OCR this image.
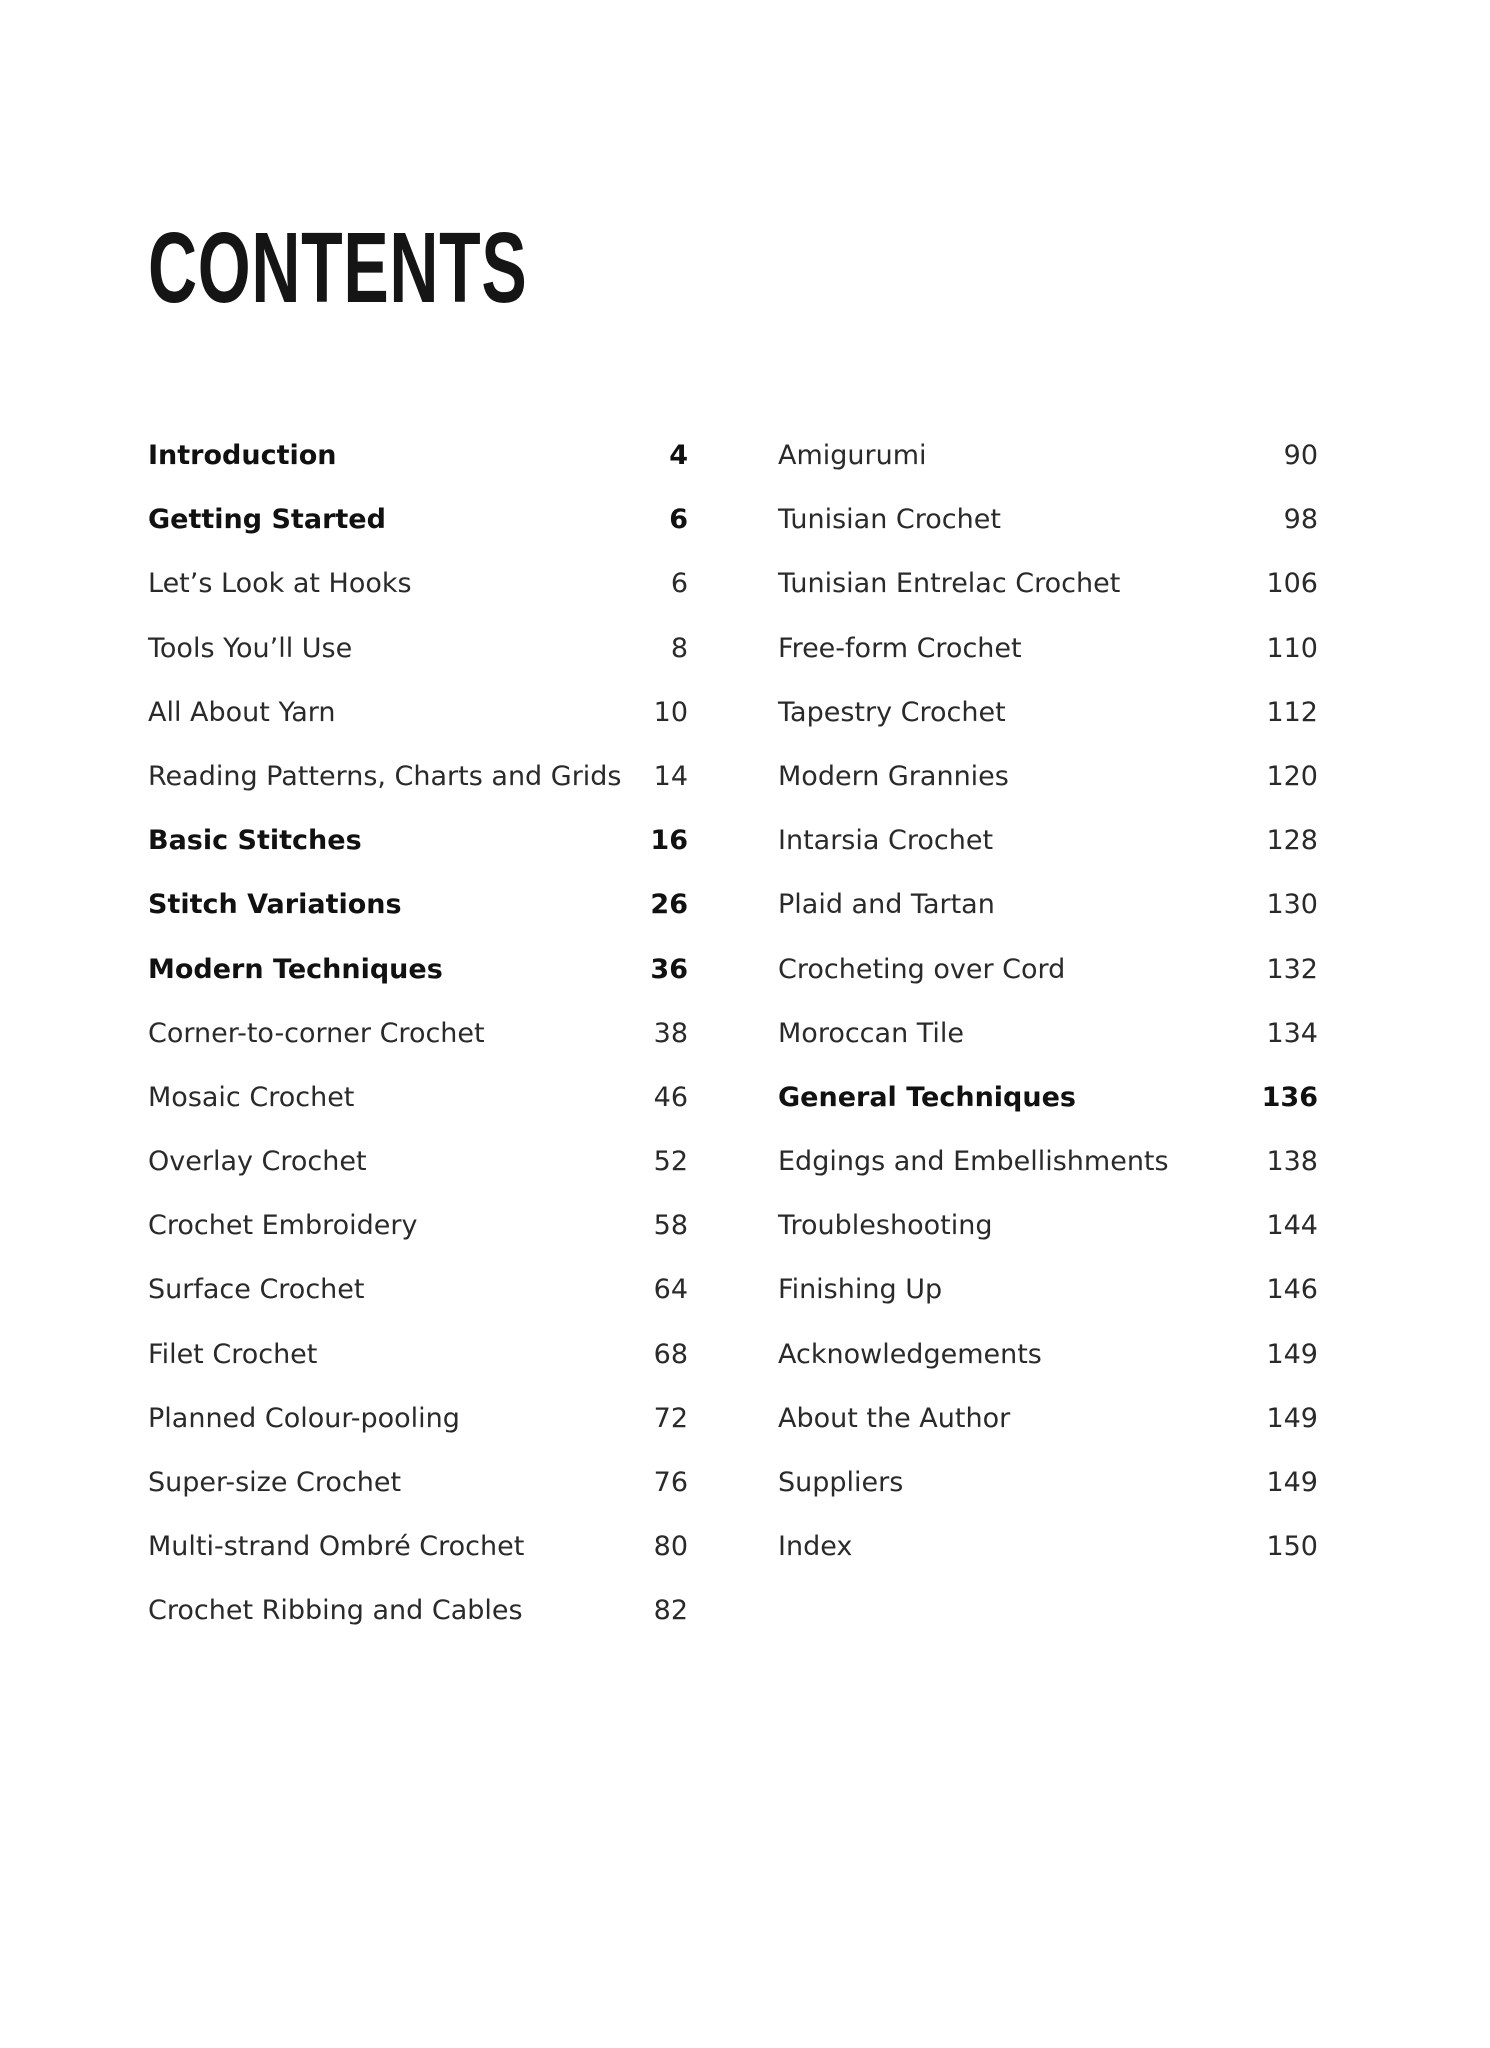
CONTENTS
Introduction	4
Getting Started	6
Let’s Look at Hooks	6
Tools You’ll Use	8
All About Yarn	10
Reading Patterns, Charts and Grids 14
Basic Stitches	16
Stitch Variations	26
Modern Techniques	36
Corner-to-corner Crochet	38
Mosaic Crochet	46
Overlay Crochet	52
Crochet Embroidery	58
Surface Crochet	64
Filet Crochet	68
Planned Colour-pooling	72
Super-size Crochet	76
Multi-strand Ombré Crochet	80
Crochet Ribbing and Cables	82
Amigurumi	90
Tunisian Crochet	98
Tunisian Entrelac Crochet	106
Free-form Crochet	110
Tapestry Crochet	112
Modern Grannies	120
Intarsia Crochet	128
Plaid and Tartan	130
Crocheting over Cord	132
Moroccan Tile	134
General Techniques	136
Edgings and Embellishments	138
Troubleshooting	144
Finishing Up	146
Acknowledgements	149
About the Author	149
Suppliers	149
Index	150
